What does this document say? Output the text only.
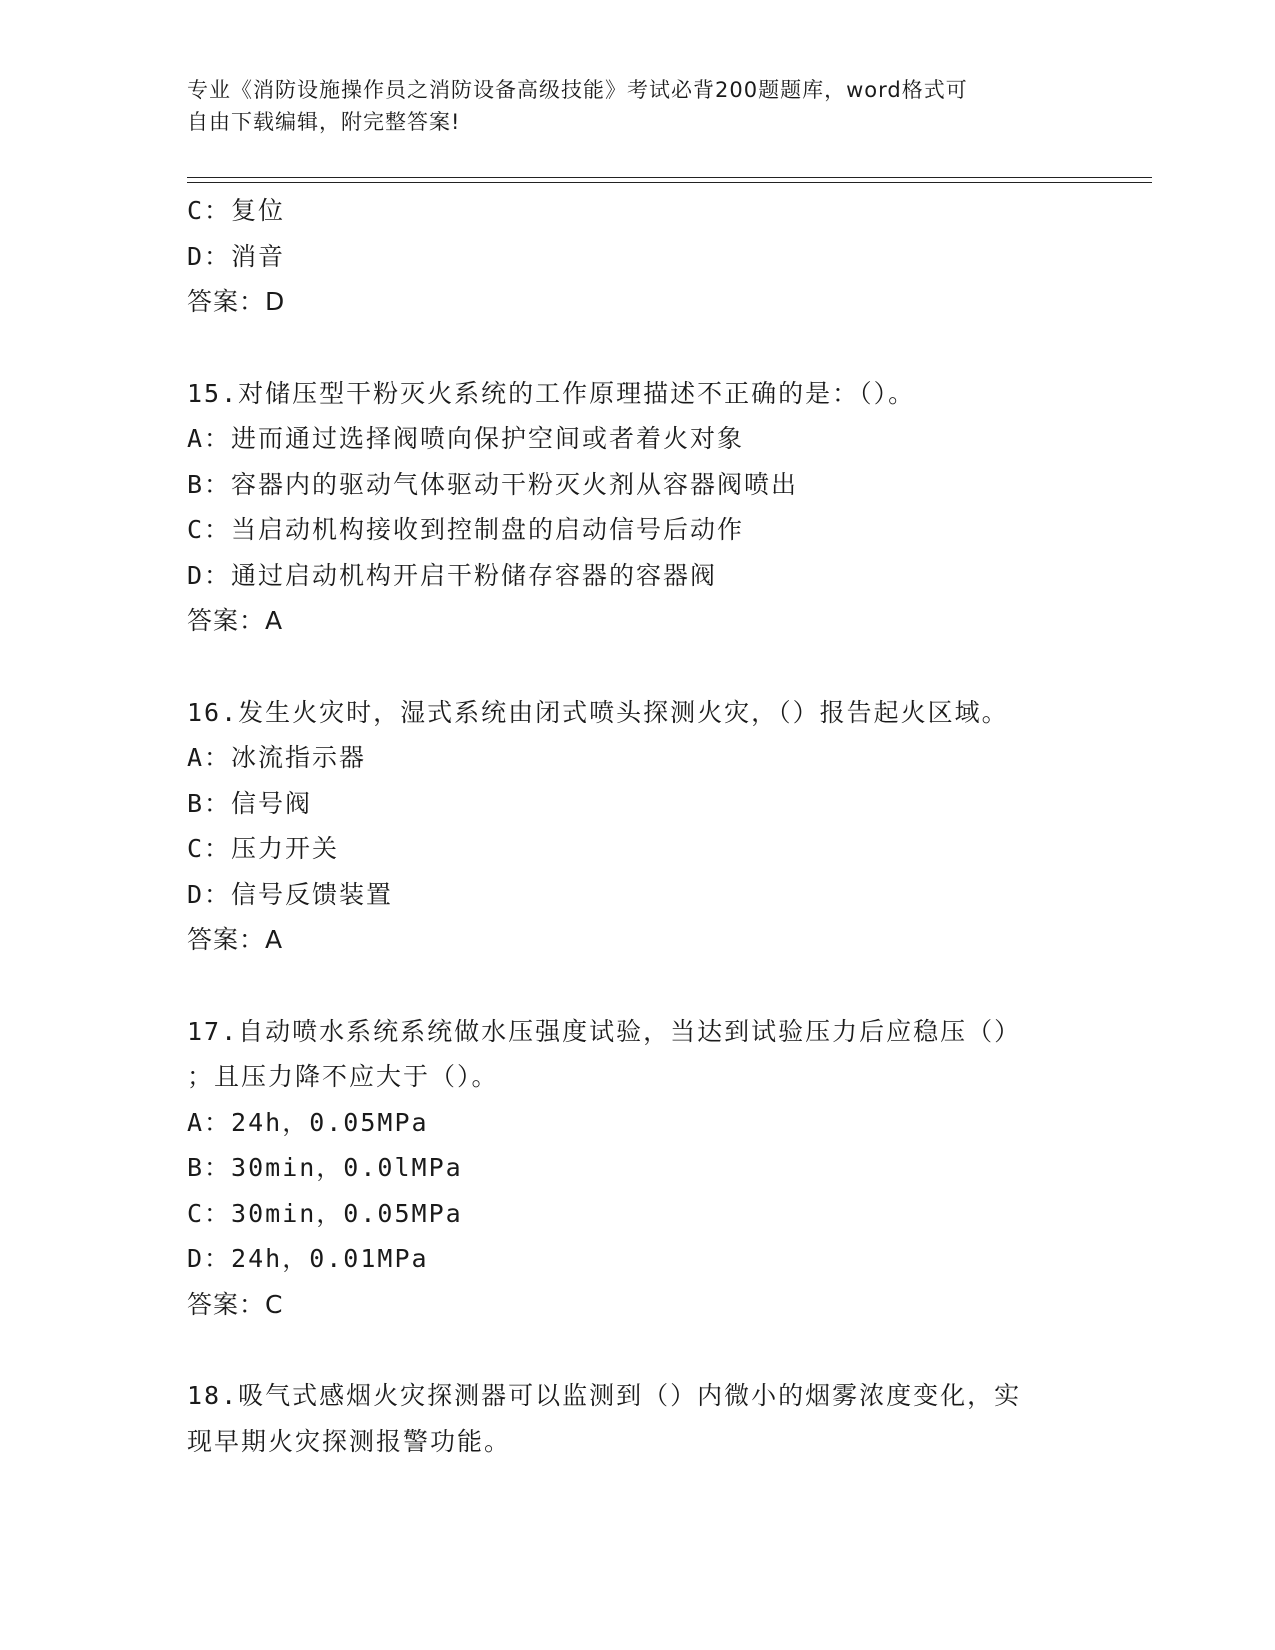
专业《消防设施操作员之消防设备高级技能》考试必背200题题库，word格式可
自由下载编辑，附完整答案!
C：复位
D：消音
答案：D
15.对储压型干粉灭火系统的工作原理描述不正确的是：（）。
A：进而通过选择阀喷向保护空间或者着火对象
B：容器内的驱动气体驱动干粉灭火剂从容器阀喷出
C：当启动机构接收到控制盘的启动信号后动作
D：通过启动机构开启干粉储存容器的容器阀
答案：A
16.发生火灾时，湿式系统由闭式喷头探测火灾，（）报告起火区域。
A：冰流指示器
B：信号阀
C：压力开关
D：信号反馈装置
答案：A
17.自动喷水系统系统做水压强度试验，当达到试验压力后应稳压（）
；且压力降不应大于（）。
A：24h，0.05MPa
B：30min，0.0lMPa
C：30min，0.05MPa
D：24h，0.01MPa
答案：C
18.吸气式感烟火灾探测器可以监测到（）内微小的烟雾浓度变化，实
现早期火灾探测报警功能。
